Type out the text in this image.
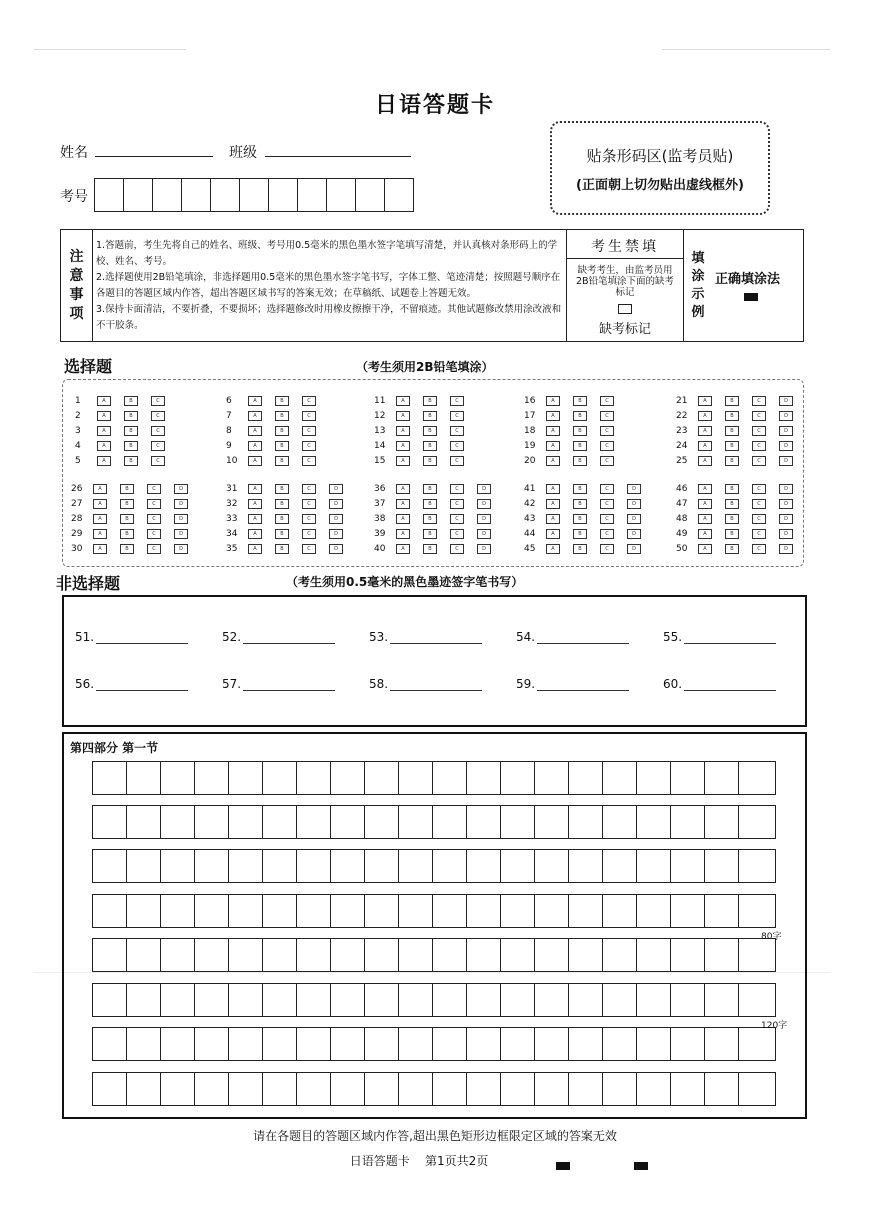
日语答题卡
姓名	班级
考号
贴条形码区(监考员贴)
(正面朝上切勿贴出虚线框外)
注
意
事
项

1.答题前，考生先将自己的姓名、班级、考号用0.5毫米的黑色墨水签字笔填写清楚，并认真核对条形码上的学校、姓名、考号。

2.选择题使用2B铅笔填涂，非选择题用0.5毫米的黑色墨水签字笔书写，字体工整、笔迹清楚；按照题号顺序在各题目的答题区域内作答，超出答题区域书写的答案无效；在草稿纸、试题卷上答题无效。

3.保持卡面清洁，不要折叠，不要损坏；选择题修改时用橡皮擦擦干净，不留痕迹。其他试题修改禁用涂改液和不干胶条。

考生禁填
缺考考生，由监考员用2B铅笔填涂下面的缺考标记
缺考标记
填
涂
示
例
正确填涂法
选择题	（考生须用2B铅笔填涂）
1	A	B	C
2	A	B	C
3	A	B	C
4	A	B	C
5	A	B	C
6	A	B	C
7	A	B	C
8	A	B	C
9	A	B	C
10	A	B	C
11	A	B	C
12	A	B	C
13	A	B	C
14	A	B	C
15	A	B	C
16	A	B	C
17	A	B	C
18	A	B	C
19	A	B	C
20	A	B	C
21	A	B	C	D
22	A	B	C	D
23	A	B	C	D
24	A	B	C	D
25	A	B	C	D
26	A	B	C	D
27	A	B	C	D
28	A	B	C	D
29	A	B	C	D
30	A	B	C	D
31	A	B	C	D
32	A	B	C	D
33	A	B	C	D
34	A	B	C	D
35	A	B	C	D
36	A	B	C	D
37	A	B	C	D
38	A	B	C	D
39	A	B	C	D
40	A	B	C	D
41	A	B	C	D
42	A	B	C	D
43	A	B	C	D
44	A	B	C	D
45	A	B	C	D
46	A	B	C	D
47	A	B	C	D
48	A	B	C	D
49	A	B	C	D
50	A	B	C	D
非选择题	（考生须用0.5毫米的黑色墨迹签字笔书写）
51.	52.	53.	54.	55.
56.	57.	58.	59.	60.
第四部分 第一节
80字
120字
请在各题目的答题区域内作答,超出黑色矩形边框限定区域的答案无效
日语答题卡    第1页共2页
